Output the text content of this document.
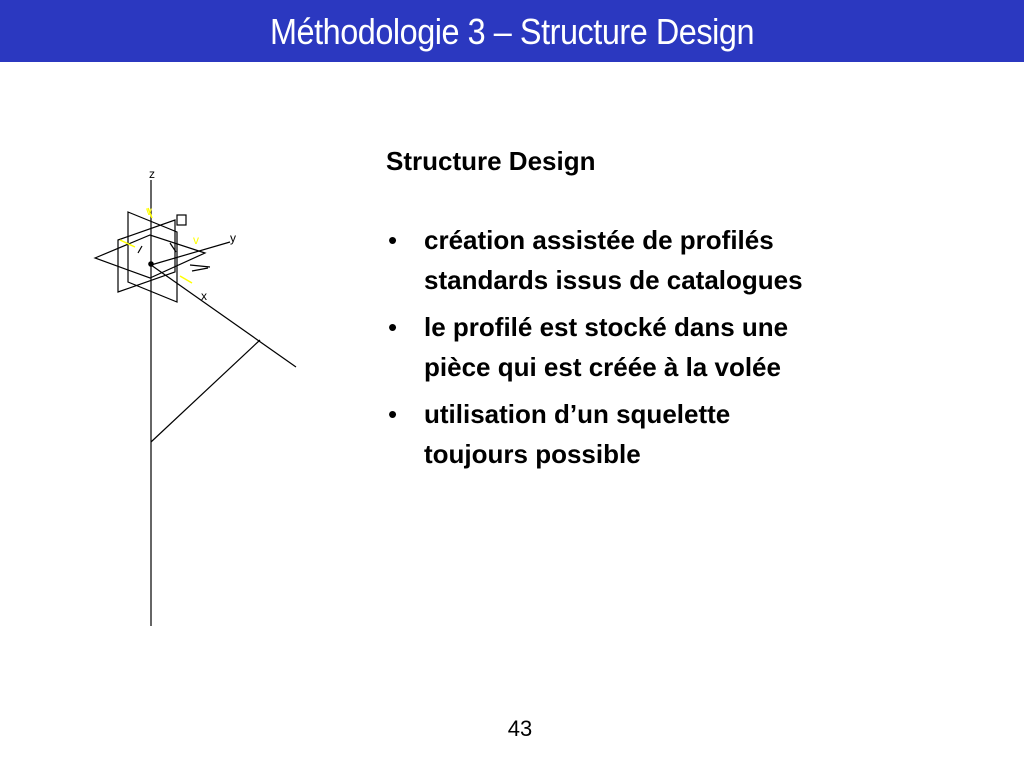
Méthodologie 3 – Structure Design
z
y
x
v
v
Structure Design
• création assistée de profilés
standards issus de catalogues
• le profilé est stocké dans une
pièce qui est créée à la volée
• utilisation d’un squelette
toujours possible
43
